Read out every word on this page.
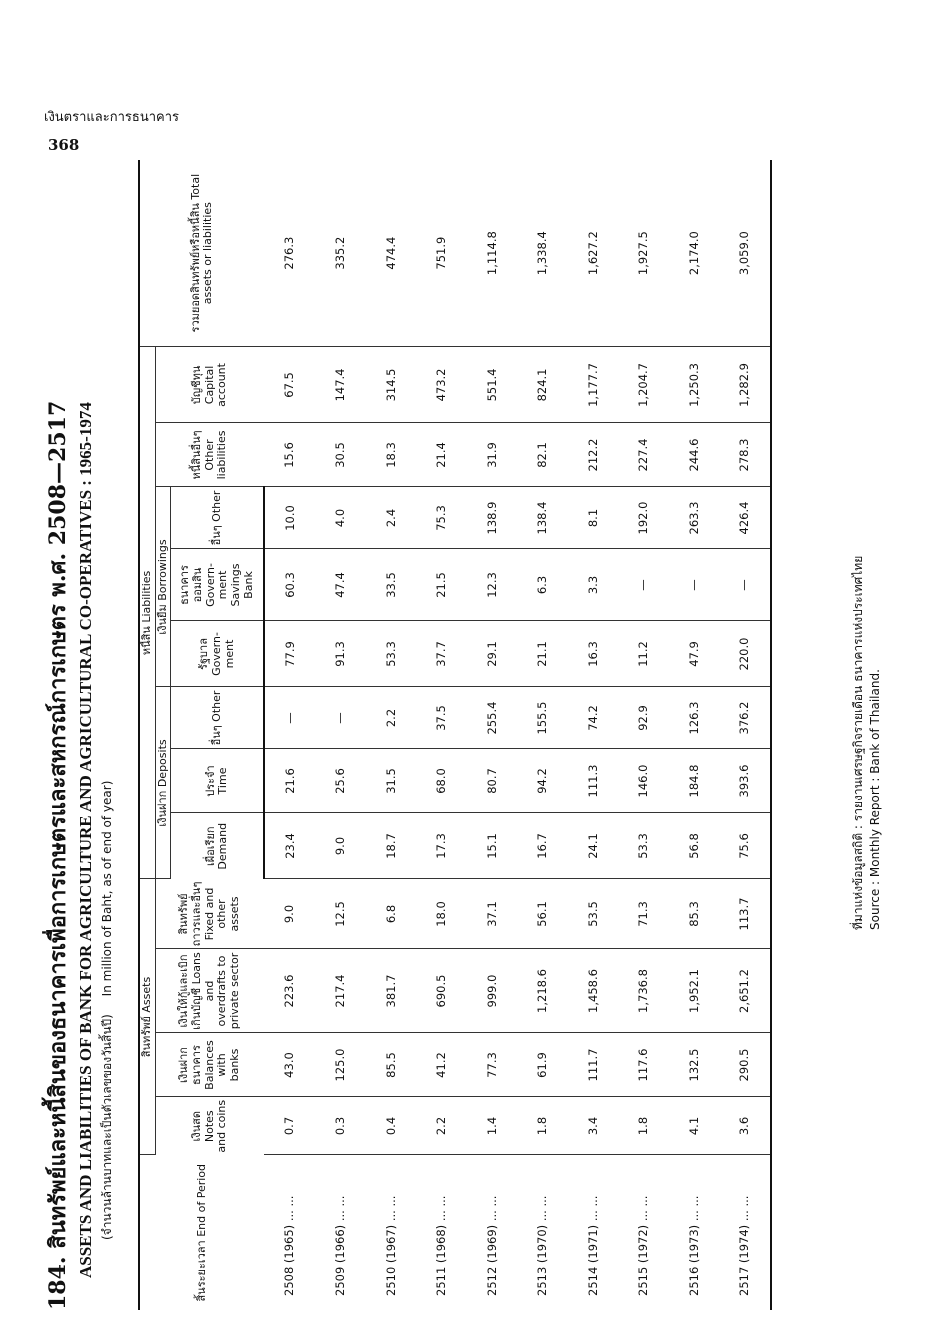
เงินตราและการธนาคาร
368
184. สินทรัพย์และหนี้สินของธนาคารเพื่อการเกษตรและสหกรณ์การเกษตร พ.ศ. 2508—2517 ASSETS AND LIABILITIES OF BANK FOR AGRICULTURE AND AGRICULTURAL CO-OPERATIVES : 1965-1974 (จำนวนล้านบาทและเป็นตัวเลขของวันสิ้นปี) In million of Baht, as of end of year)
สิ้นระยะเวลา End of Period	สินทรัพย์ Assets				หนี้สิน Liabilities								รวมยอดสินทรัพย์หรือหนี้สิน Total assets or liabilities
	เงินสด Notes and coins	เงินฝากธนาคาร Balances with banks	เงินให้กู้และเบิกเกินบัญชี Loans and overdrafts to private sector	สินทรัพย์ถาวรและอื่นๆ Fixed and other assets	เงินฝาก Deposits			เงินยืม Borrowings			หนี้สินอื่นๆ Other liabilities	บัญชีทุน Capital account	
					เผื่อเรียก Demand	ประจำ Time	อื่นๆ Other	รัฐบาล Govern-ment	ธนาคารออมสิน Govern-ment Savings Bank	อื่นๆ Other			
2508 (1965) ... ...	0.7	43.0	223.6	9.0	23.4	21.6	—	77.9	60.3	10.0	15.6	67.5	276.3
2509 (1966) ... ...	0.3	125.0	217.4	12.5	9.0	25.6	—	91.3	47.4	4.0	30.5	147.4	335.2
2510 (1967) ... ...	0.4	85.5	381.7	6.8	18.7	31.5	2.2	53.3	33.5	2.4	18.3	314.5	474.4
2511 (1968) ... ...	2.2	41.2	690.5	18.0	17.3	68.0	37.5	37.7	21.5	75.3	21.4	473.2	751.9
2512 (1969) ... ...	1.4	77.3	999.0	37.1	15.1	80.7	255.4	29.1	12.3	138.9	31.9	551.4	1,114.8
2513 (1970) ... ...	1.8	61.9	1,218.6	56.1	16.7	94.2	155.5	21.1	6.3	138.4	82.1	824.1	1,338.4
2514 (1971) ... ...	3.4	111.7	1,458.6	53.5	24.1	111.3	74.2	16.3	3.3	8.1	212.2	1,177.7	1,627.2
2515 (1972) ... ...	1.8	117.6	1,736.8	71.3	53.3	146.0	92.9	11.2	—	192.0	227.4	1,204.7	1,927.5
2516 (1973) ... ...	4.1	132.5	1,952.1	85.3	56.8	184.8	126.3	47.9	—	263.3	244.6	1,250.3	2,174.0
2517 (1974) ... ...	3.6	290.5	2,651.2	113.7	75.6	393.6	376.2	220.0	—	426.4	278.3	1,282.9	3,059.0
ที่มาแห่งข้อมูลสถิติ : รายงานเศรษฐกิจรายเดือน ธนาคารแห่งประเทศไทย Source : Monthly Report : Bank of Thailand.
